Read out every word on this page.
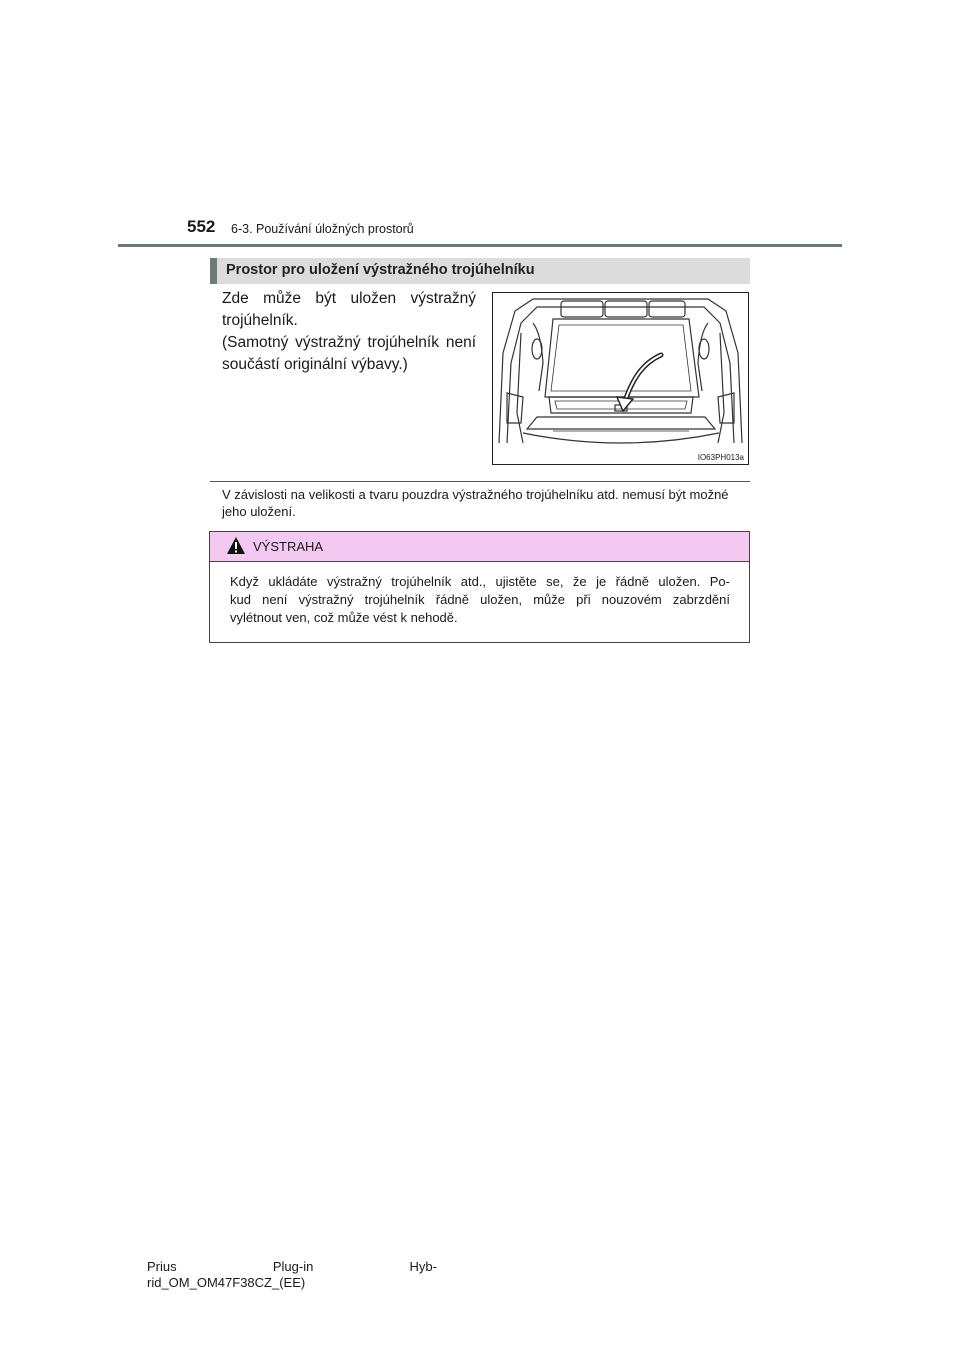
552 6-3. Používání úložných prostorů
Prostor pro uložení výstražného trojúhelníku

Zde může být uložen výstražný trojúhelník.

(Samotný výstražný trojúhelník není součástí originální výbavy.)

IO63PH013a
V závislosti na velikosti a tvaru pouzdra výstražného trojúhelníku atd. nemusí být možné jeho uložení.
VÝSTRAHA
Když ukládáte výstražný trojúhelník atd., ujistěte se, že je řádně uložen. Po-
kud není výstražný trojúhelník řádně uložen, může při nouzovém zabrzdění
vylétnout ven, což může vést k nehodě.
Prius	Plug-in	Hyb-
rid_OM_OM47F38CZ_(EE)
